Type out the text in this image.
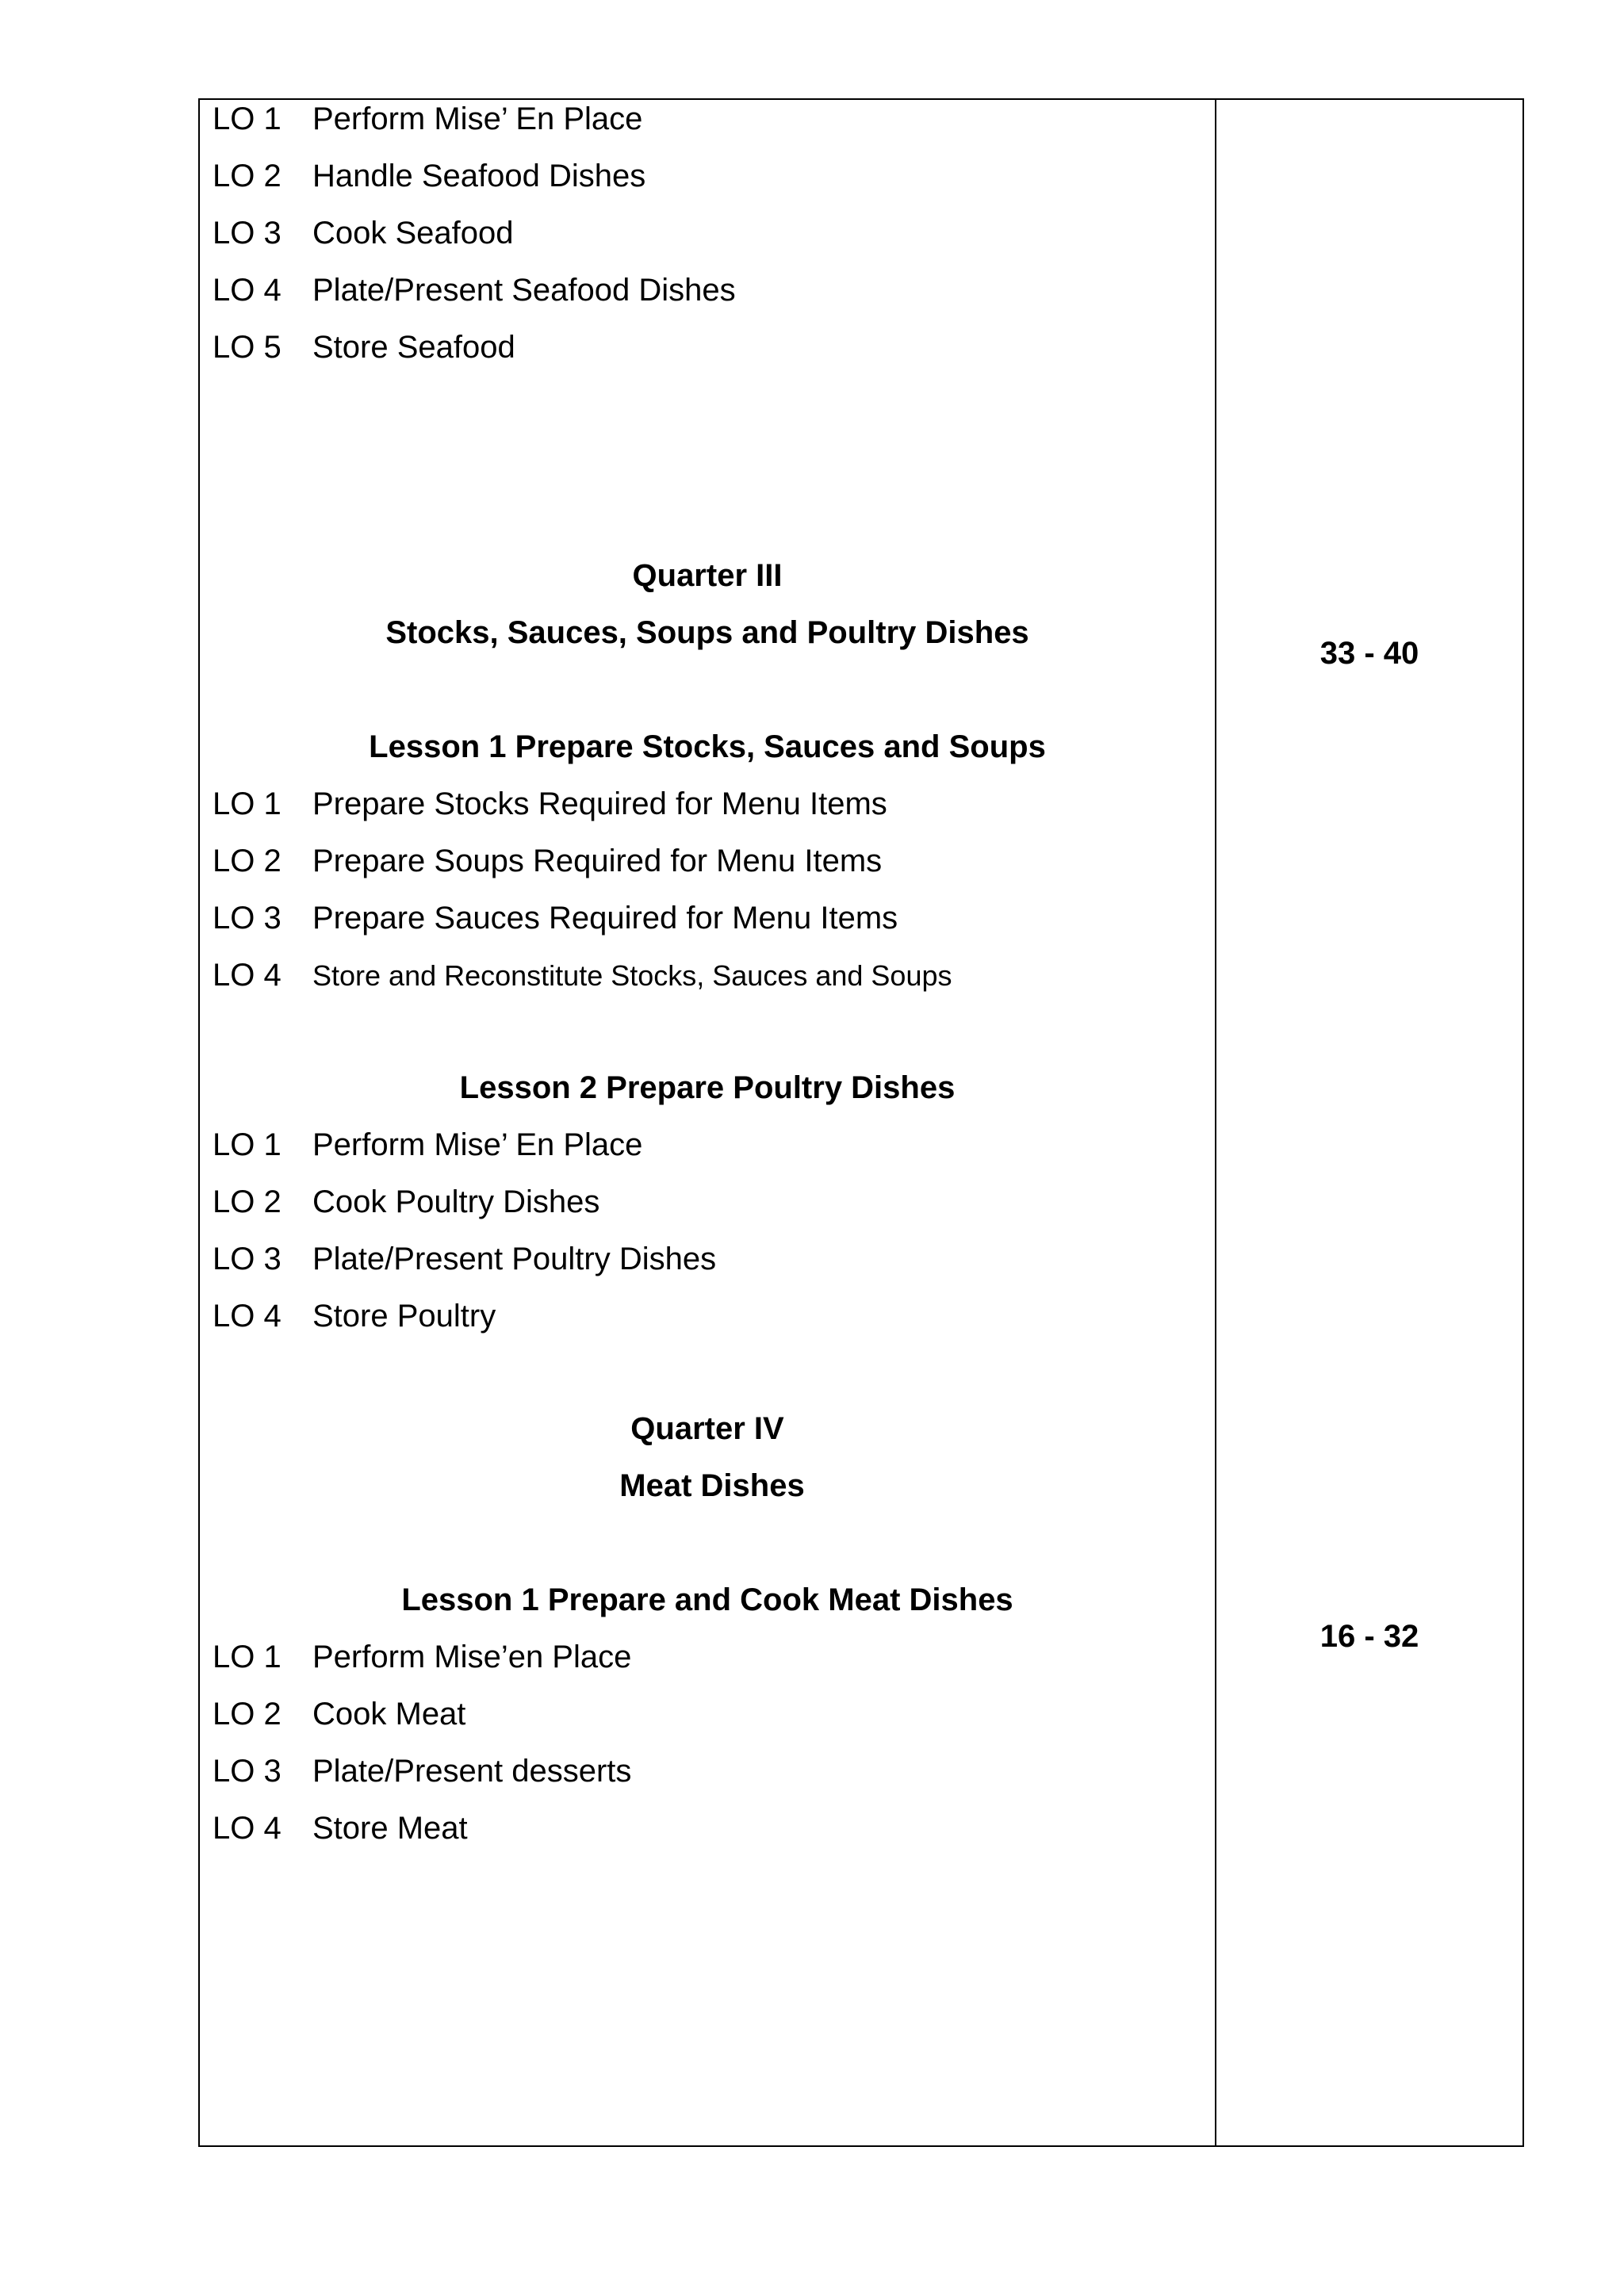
LO 1 Perform Mise’ En Place
LO 2 Handle Seafood Dishes
LO 3 Cook Seafood
LO 4 Plate/Present Seafood Dishes
LO 5 Store Seafood
Quarter III
Stocks, Sauces, Soups and Poultry Dishes
33 - 40
Lesson 1 Prepare Stocks, Sauces and Soups
LO 1 Prepare Stocks Required for Menu Items
LO 2 Prepare Soups Required for Menu Items
LO 3 Prepare Sauces Required for Menu Items
LO 4 Store and Reconstitute Stocks, Sauces and Soups
Lesson 2 Prepare Poultry Dishes
LO 1 Perform Mise’ En Place
LO 2 Cook Poultry Dishes
LO 3 Plate/Present Poultry Dishes
LO 4 Store Poultry
Quarter IV
Meat Dishes
Lesson 1 Prepare and Cook Meat Dishes
16 - 32
LO 1 Perform Mise’en Place
LO 2 Cook Meat
LO 3 Plate/Present desserts
LO 4 Store Meat
